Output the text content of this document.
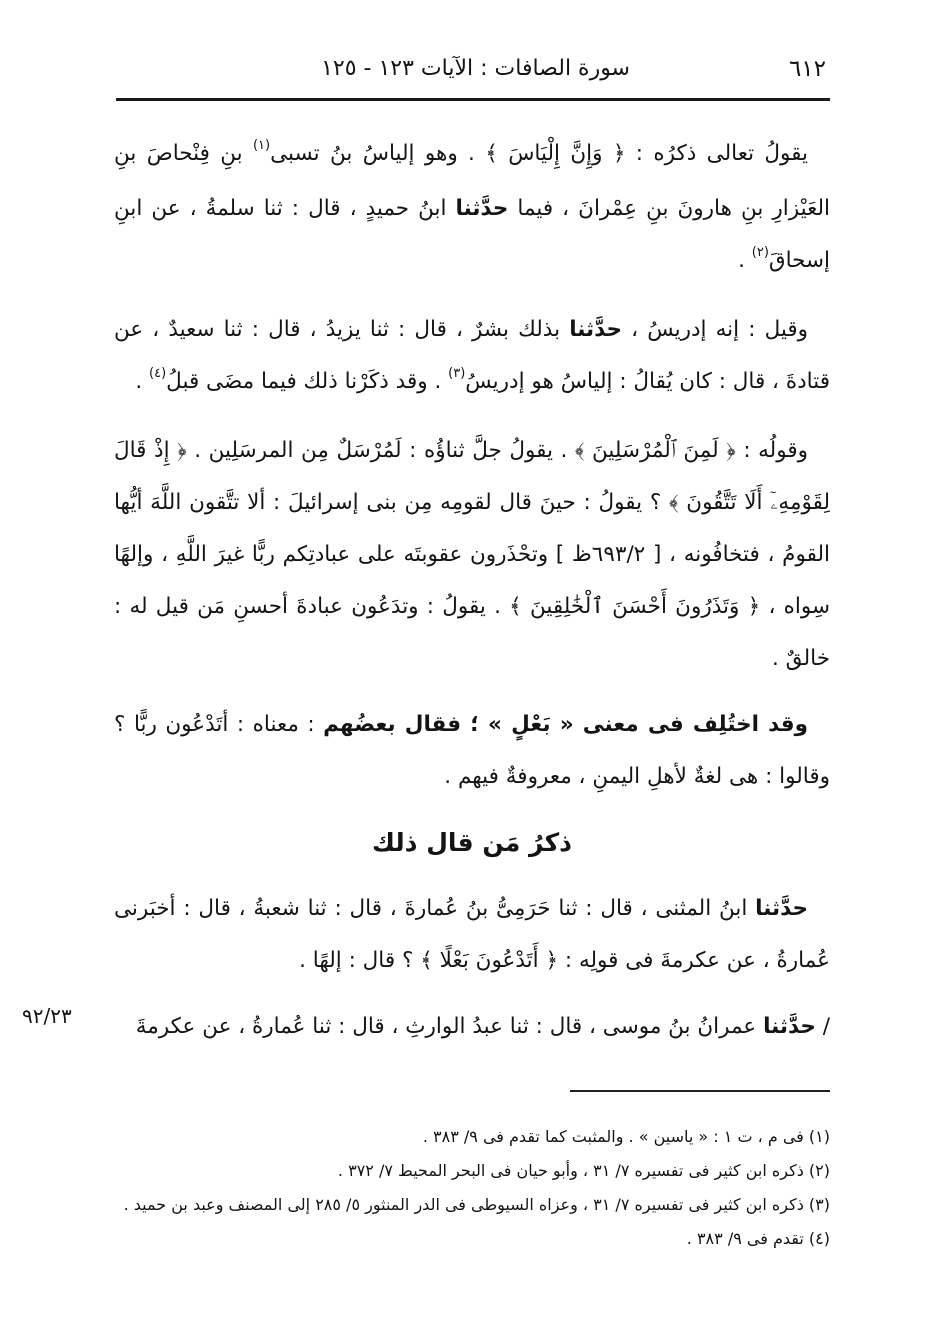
٦١٢
سورة الصافات : الآيات ١٢٣ - ١٢٥

يقولُ تعالى ذكرُه : ﴿ وَإِنَّ إِلْيَاسَ ﴾ . وهو إلياسُ بنُ تسبى$^{(١)}$ بنِ فِنْحاصَ بنِ العَيْزارِ بنِ هارونَ بنِ عِمْرانَ ، فيما حدَّثنا ابنُ حميدٍ ، قال : ثنا سلمةُ ، عن ابنِ إسحاقَ$^{(٢)}$ .

وقيل : إنه إدريسُ ، حدَّثنا بذلك بشرٌ ، قال : ثنا يزيدُ ، قال : ثنا سعيدٌ ، عن قتادةَ ، قال : كان يُقالُ : إلياسُ هو إدريسُ$^{(٣)}$ . وقد ذكَرْنا ذلك فيما مضَى قبلُ$^{(٤)}$ .

وقولُه : ﴿ لَمِنَ ٱلْمُرْسَلِينَ ﴾ . يقولُ جلَّ ثناؤُه : لَمُرْسَلٌ مِن المرسَلِين . ﴿ إِذْ قَالَ لِقَوْمِهِۦٓ أَلَا تَتَّقُونَ ﴾ ؟ يقولُ : حينَ قال لقومِه مِن بنى إسرائيلَ : ألا تتَّقون اللَّهَ أيُّها القومُ ، فتخافُونه ، [ ٦٩٣/٢ظ ] وتحْذَرون عقوبتَه على عبادتِكم ربًّا غيرَ اللَّهِ ، وإلهًا سِواه ، ﴿ وَتَذَرُونَ أَحْسَنَ ٱلْخَٰلِقِينَ ﴾ . يقولُ : وتدَعُون عبادةَ أحسنِ مَن قيل له : خالقٌ .

وقد اختُلِف فى معنى « بَعْلٍ » ؛ فقال بعضُهم : معناه : أتَدْعُون ربًّا ؟ وقالوا : هى لغةٌ لأهلِ اليمنِ ، معروفةٌ فيهم .

ذكرُ مَن قال ذلك

حدَّثنا ابنُ المثنى ، قال : ثنا حَرَمِىُّ بنُ عُمارةَ ، قال : ثنا شعبةُ ، قال : أخبَرنى عُمارةُ ، عن عكرمةَ فى قولِه : ﴿ أَتَدْعُونَ بَعْلًا ﴾ ؟ قال : إلهًا .

/ حدَّثنا عمرانُ بنُ موسى ، قال : ثنا عبدُ الوارثِ ، قال : ثنا عُمارةُ ، عن عكرمةَ

٩٢/٢٣
(١) فى م ، ت ١ : « ياسين » . والمثبت كما تقدم فى ٩/ ٣٨٣ .
(٢) ذكره ابن كثير فى تفسيره ٧/ ٣١ ، وأبو حيان فى البحر المحيط ٧/ ٣٧٢ .
(٣) ذكره ابن كثير فى تفسيره ٧/ ٣١ ، وعزاه السيوطى فى الدر المنثور ٥/ ٢٨٥ إلى المصنف وعبد بن حميد .
(٤) تقدم فى ٩/ ٣٨٣ .
